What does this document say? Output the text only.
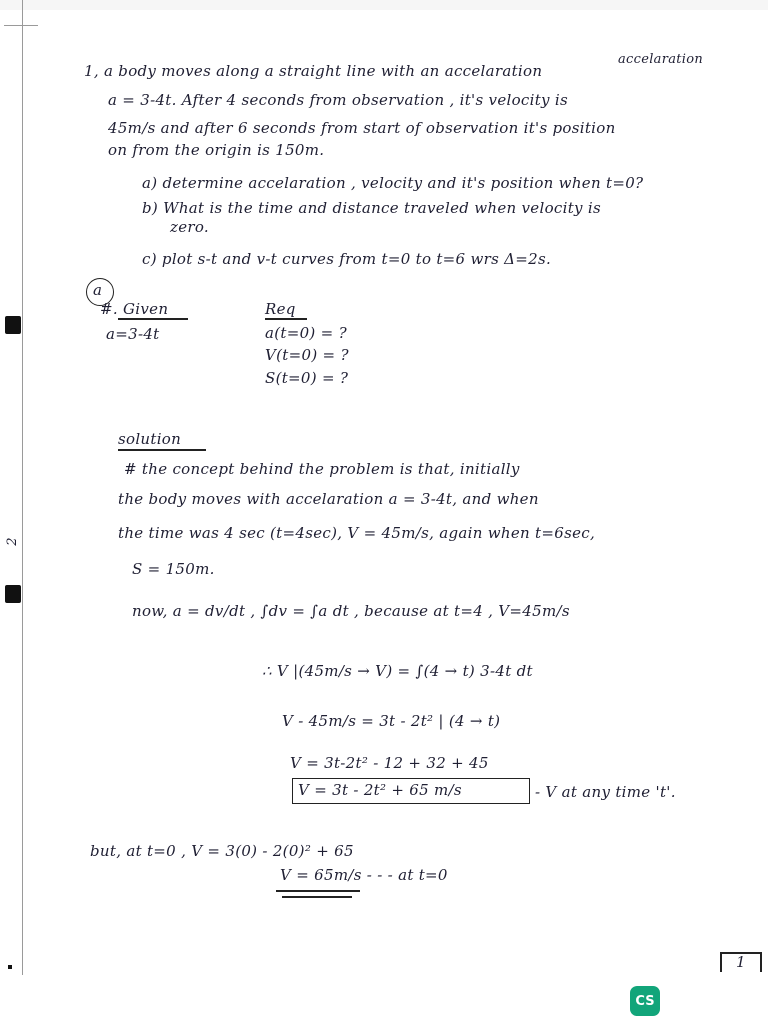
2
1, a body moves along a straight line with an accelaration
accelaration
a = 3-4t. After 4 seconds from observation , it's velocity is
45m/s and after 6 seconds from start of observation it's position
on from the origin is 150m.
a) determine accelaration , velocity and it's position when t=0?
b) What is the time and distance traveled when velocity is
zero.
c) plot s-t and v-t curves from t=0 to t=6 wrs Δ=2s.
a
#. Given
a=3-4t
Req
a(t=0) = ?
V(t=0) = ?
S(t=0) = ?
solution
# the concept behind the problem is that, initially
the body moves with accelaration a = 3-4t, and when
the time was 4 sec (t=4sec), V = 45m/s, again when t=6sec,
S = 150m.
now, a = dv/dt , ∫dv = ∫a dt , because at t=4 , V=45m/s
∴ V |(45m/s → V) = ∫(4 → t) 3-4t dt
V - 45m/s = 3t - 2t² | (4 → t)
V = 3t-2t² - 12 + 32 + 45
V = 3t - 2t² + 65 m/s	- V at any time 't'.
but, at t=0 , V = 3(0) - 2(0)² + 65
V = 65m/s - - - at t=0
1
CS
